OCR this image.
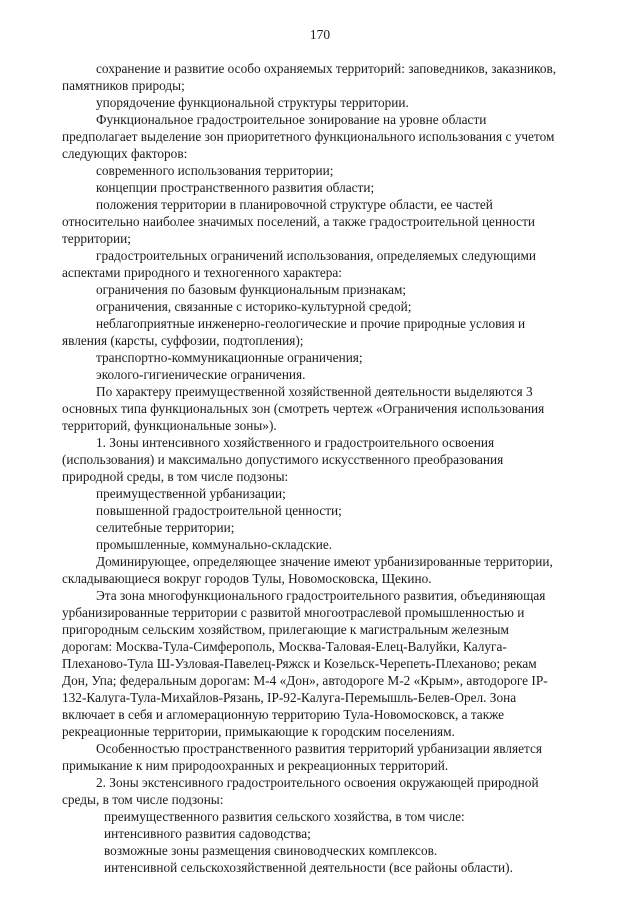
170
сохранение и развитие особо охраняемых территорий: заповедников, заказников,
памятников природы;
упорядочение функциональной структуры территории.
Функциональное градостроительное зонирование на уровне области
предполагает выделение зон приоритетного функционального использования с учетом
следующих факторов:
современного использования территории;
концепции пространственного развития области;
положения территории в планировочной структуре области, ее частей
относительно наиболее значимых поселений, а также градостроительной ценности
территории;
градостроительных ограничений использования, определяемых следующими
аспектами природного и техногенного характера:
ограничения по базовым функциональным признакам;
ограничения, связанные с историко-культурной средой;
неблагоприятные инженерно-геологические и прочие природные условия и
явления (карсты, суффозии, подтопления);
транспортно-коммуникационные ограничения;
эколого-гигиенические ограничения.
По характеру преимущественной хозяйственной деятельности выделяются 3
основных типа функциональных зон (смотреть чертеж «Ограничения использования
территорий, функциональные зоны»).
1. Зоны интенсивного хозяйственного и градостроительного освоения
(использования) и максимально допустимого искусственного преобразования
природной среды, в том числе подзоны:
преимущественной урбанизации;
повышенной градостроительной ценности;
селитебные территории;
промышленные, коммунально-складские.
Доминирующее, определяющее значение имеют урбанизированные территории,
складывающиеся вокруг городов Тулы, Новомосковска, Щекино.
Эта зона многофункционального градостроительного развития, объединяющая
урбанизированные территории с развитой многоотраслевой промышленностью и
пригородным сельским хозяйством, прилегающие к магистральным железным
дорогам: Москва-Тула-Симферополь, Москва-Таловая-Елец-Валуйки, Калуга-
Плеханово-Тула Ш-Узловая-Павелец-Ряжск и Козельск-Черепеть-Плеханово; рекам
Дон, Упа; федеральным дорогам: М-4 «Дон», автодороге М-2 «Крым», автодороге IP-
132-Калуга-Тула-Михайлов-Рязань, IP-92-Калуга-Перемышль-Белев-Орел. Зона
включает в себя и агломерационную территорию Тула-Новомосковск, а также
рекреационные территории, примыкающие к городским поселениям.
Особенностью пространственного развития территорий урбанизации является
примыкание к ним природоохранных и рекреационных территорий.
2. Зоны экстенсивного градостроительного освоения окружающей природной
среды, в том числе подзоны:
преимущественного развития сельского хозяйства, в том числе:
интенсивного развития садоводства;
возможные зоны размещения свиноводческих комплексов.
интенсивной сельскохозяйственной деятельности (все районы области).
